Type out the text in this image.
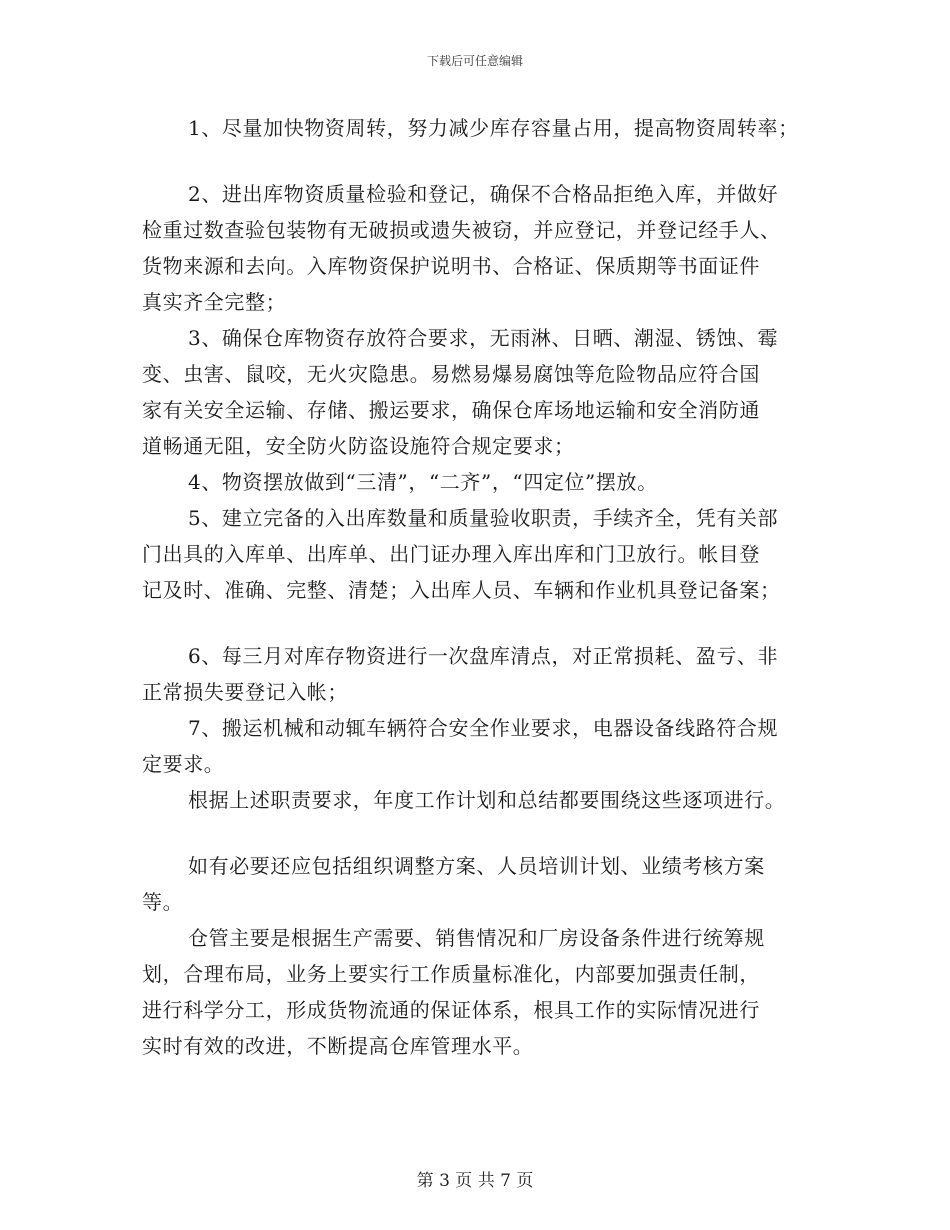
下载后可任意编辑
1、尽量加快物资周转，努力减少库存容量占用，提高物资周转率；
2、进出库物资质量检验和登记，确保不合格品拒绝入库，并做好
检重过数查验包装物有无破损或遗失被窃，并应登记，并登记经手人、
货物来源和去向。入库物资保护说明书、合格证、保质期等书面证件
真实齐全完整；
3、确保仓库物资存放符合要求，无雨淋、日晒、潮湿、锈蚀、霉
变、虫害、鼠咬，无火灾隐患。易燃易爆易腐蚀等危险物品应符合国
家有关安全运输、存储、搬运要求，确保仓库场地运输和安全消防通
道畅通无阻，安全防火防盗设施符合规定要求；
4、物资摆放做到“三清”，“二齐”，“四定位”摆放。
5、建立完备的入出库数量和质量验收职责，手续齐全，凭有关部
门出具的入库单、出库单、出门证办理入库出库和门卫放行。帐目登
记及时、准确、完整、清楚；入出库人员、车辆和作业机具登记备案；
6、每三月对库存物资进行一次盘库清点，对正常损耗、盈亏、非
正常损失要登记入帐；
7、搬运机械和动辄车辆符合安全作业要求，电器设备线路符合规
定要求。
根据上述职责要求，年度工作计划和总结都要围绕这些逐项进行。
如有必要还应包括组织调整方案、人员培训计划、业绩考核方案
等。
仓管主要是根据生产需要、销售情况和厂房设备条件进行统筹规
划，合理布局，业务上要实行工作质量标准化，内部要加强责任制，
进行科学分工，形成货物流通的保证体系，根具工作的实际情况进行
实时有效的改进，不断提高仓库管理水平。
第 3 页 共 7 页
